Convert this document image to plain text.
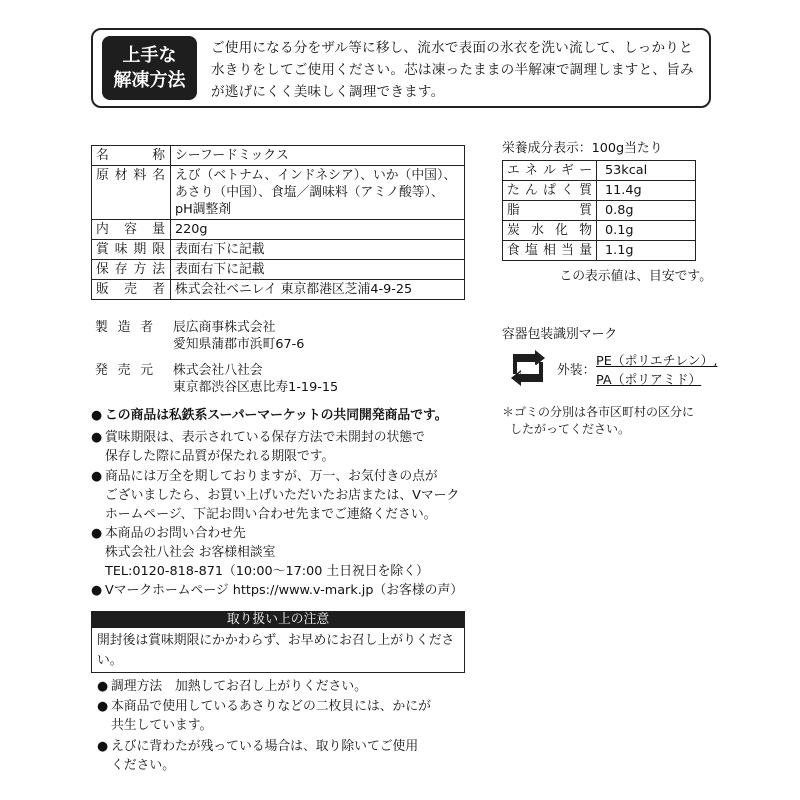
上手な
解凍方法
ご使用になる分をザル等に移し、流水で表面の氷衣を洗い流して、しっかりと水きりをしてご使用ください。芯は凍ったままの半解凍で調理しますと、旨みが逃げにくく美味しく調理できます。
名称	シーフードミックス
原材料名	えび（ベトナム、インドネシア）、いか（中国）、あさり（中国）、食塩／調味料（アミノ酸等）、pH調整剤
内容量	220g
賞味期限	表面右下に記載
保存方法	表面右下に記載
販売者	株式会社ベニレイ 東京都港区芝浦4-9-25
製造者 辰広商事株式会社
愛知県蒲郡市浜町67-6
発売元 株式会社八社会
東京都渋谷区恵比寿1-19-15
● この商品は私鉄系スーパーマーケットの共同開発商品です。
● 賞味期限は、表示されている保存方法で未開封の状態で

保存した際に品質が保たれる期限です。
● 商品には万全を期しておりますが、万一、お気付きの点が

ございましたら、お買い上げいただいたお店または、Vマーク
ホームページ、下記お問い合わせ先までご連絡ください。
● 本商品のお問い合わせ先

株式会社八社会 お客様相談室
TEL:0120-818-871（10:00〜17:00 土日祝日を除く）
● Vマークホームページ https://www.v-mark.jp（お客様の声）
取り扱い上の注意
開封後は賞味期限にかかわらず、お早めにお召し上がりください。
● 調理方法　加熱してお召し上がりください。
● 本商品で使用しているあさりなどの二枚貝には、かにが
共生しています。
● えびに背わたが残っている場合は、取り除いてご使用
ください。
栄養成分表示：100g当たり
エネルギー	53kcal
たんぱく質	11.4g
脂質	0.8g
炭水化物	0.1g
食塩相当量	1.1g
この表示値は、目安です。
容器包装識別マーク
プラ 外装：
PE（ポリエチレン）,
PA（ポリアミド）
＊ゴミの分別は各市区町村の区分に
したがってください。
